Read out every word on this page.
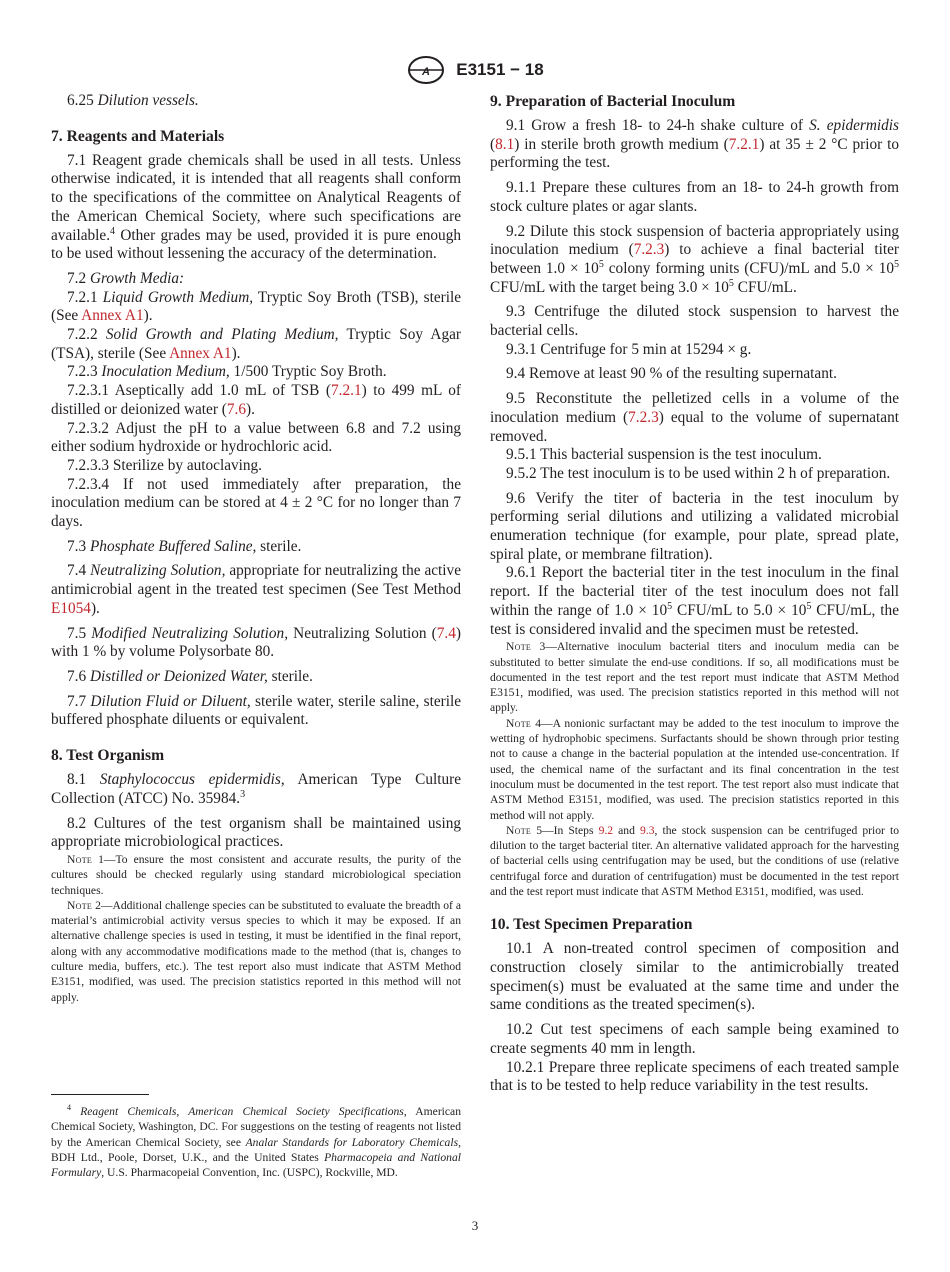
A E3151 − 18

6.25 Dilution vessels.

7. Reagents and Materials

7.1 Reagent grade chemicals shall be used in all tests. Unless otherwise indicated, it is intended that all reagents shall conform to the specifications of the committee on Analytical Reagents of the American Chemical Society, where such specifications are available.$^4$ Other grades may be used, provided it is pure enough to be used without lessening the accuracy of the determination.

7.2 Growth Media:

7.2.1 Liquid Growth Medium, Tryptic Soy Broth (TSB), sterile (See Annex A1).

7.2.2 Solid Growth and Plating Medium, Tryptic Soy Agar (TSA), sterile (See Annex A1).

7.2.3 Inoculation Medium, 1/500 Tryptic Soy Broth.

7.2.3.1 Aseptically add 1.0 mL of TSB (7.2.1) to 499 mL of distilled or deionized water (7.6).

7.2.3.2 Adjust the pH to a value between 6.8 and 7.2 using either sodium hydroxide or hydrochloric acid.

7.2.3.3 Sterilize by autoclaving.

7.2.3.4 If not used immediately after preparation, the inoculation medium can be stored at 4 ± 2 °C for no longer than 7 days.

7.3 Phosphate Buffered Saline, sterile.

7.4 Neutralizing Solution, appropriate for neutralizing the active antimicrobial agent in the treated test specimen (See Test Method E1054).

7.5 Modified Neutralizing Solution, Neutralizing Solution (7.4) with 1 % by volume Polysorbate 80.

7.6 Distilled or Deionized Water, sterile.

7.7 Dilution Fluid or Diluent, sterile water, sterile saline, sterile buffered phosphate diluents or equivalent.

8. Test Organism

8.1 Staphylococcus epidermidis, American Type Culture Collection (ATCC) No. 35984.$^3$

8.2 Cultures of the test organism shall be maintained using appropriate microbiological practices.

Note 1—To ensure the most consistent and accurate results, the purity of the cultures should be checked regularly using standard microbiological speciation techniques.

Note 2—Additional challenge species can be substituted to evaluate the breadth of a material’s antimicrobial activity versus species to which it may be exposed. If an alternative challenge species is used in testing, it must be identified in the final report, along with any accommodative modifications made to the method (that is, changes to culture media, buffers, etc.). The test report also must indicate that ASTM Method E3151, modified, was used. The precision statistics reported in this method will not apply.

$^4$ Reagent Chemicals, American Chemical Society Specifications, American Chemical Society, Washington, DC. For suggestions on the testing of reagents not listed by the American Chemical Society, see Analar Standards for Laboratory Chemicals, BDH Ltd., Poole, Dorset, U.K., and the United States Pharmacopeia and National Formulary, U.S. Pharmacopeial Convention, Inc. (USPC), Rockville, MD.

9. Preparation of Bacterial Inoculum

9.1 Grow a fresh 18- to 24-h shake culture of S. epidermidis (8.1) in sterile broth growth medium (7.2.1) at 35 ± 2 °C prior to performing the test.

9.1.1 Prepare these cultures from an 18- to 24-h growth from stock culture plates or agar slants.

9.2 Dilute this stock suspension of bacteria appropriately using inoculation medium (7.2.3) to achieve a final bacterial titer between $1.0 \times 10^5$ colony forming units (CFU)/mL and $5.0 \times 10^5$ CFU/mL with the target being $3.0 \times 10^5$ CFU/mL.

9.3 Centrifuge the diluted stock suspension to harvest the bacterial cells.

9.3.1 Centrifuge for 5 min at 15294 × g.

9.4 Remove at least 90 % of the resulting supernatant.

9.5 Reconstitute the pelletized cells in a volume of the inoculation medium (7.2.3) equal to the volume of supernatant removed.

9.5.1 This bacterial suspension is the test inoculum.

9.5.2 The test inoculum is to be used within 2 h of preparation.

9.6 Verify the titer of bacteria in the test inoculum by performing serial dilutions and utilizing a validated microbial enumeration technique (for example, pour plate, spread plate, spiral plate, or membrane filtration).

9.6.1 Report the bacterial titer in the test inoculum in the final report. If the bacterial titer of the test inoculum does not fall within the range of $1.0 \times 10^5$ CFU/mL to $5.0 \times 10^5$ CFU/mL, the test is considered invalid and the specimen must be retested.

Note 3—Alternative inoculum bacterial titers and inoculum media can be substituted to better simulate the end-use conditions. If so, all modifications must be documented in the test report and the test report must indicate that ASTM Method E3151, modified, was used. The precision statistics reported in this method will not apply.

Note 4—A nonionic surfactant may be added to the test inoculum to improve the wetting of hydrophobic specimens. Surfactants should be shown through prior testing not to cause a change in the bacterial population at the intended use-concentration. If used, the chemical name of the surfactant and its final concentration in the test inoculum must be documented in the test report. The test report also must indicate that ASTM Method E3151, modified, was used. The precision statistics reported in this method will not apply.

Note 5—In Steps 9.2 and 9.3, the stock suspension can be centrifuged prior to dilution to the target bacterial titer. An alternative validated approach for the harvesting of bacterial cells using centrifugation may be used, but the conditions of use (relative centrifugal force and duration of centrifugation) must be documented in the test report and the test report must indicate that ASTM Method E3151, modified, was used.

10. Test Specimen Preparation

10.1 A non-treated control specimen of composition and construction closely similar to the antimicrobially treated specimen(s) must be evaluated at the same time and under the same conditions as the treated specimen(s).

10.2 Cut test specimens of each sample being examined to create segments 40 mm in length.

10.2.1 Prepare three replicate specimens of each treated sample that is to be tested to help reduce variability in the test results.

3
